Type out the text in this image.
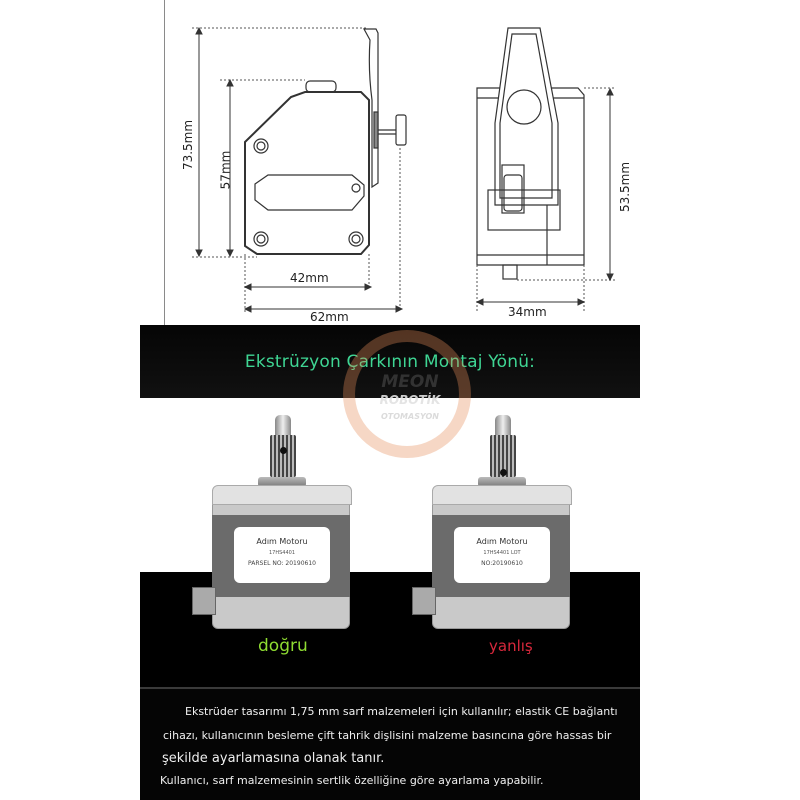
73.5mm 57mm
42mm
62mm
53.5mm
34mm
Ekstrüzyon Çarkının Montaj Yönü:
MEON
ROBOTİK
OTOMASYON
Adım Motoru
17HS4401
PARSEL NO: 20190610
Adım Motoru
17HS4401 LOT
NO:20190610
doğru	yanlış
Ekstrüder tasarımı 1,75 mm sarf malzemeleri için kullanılır; elastik CE bağlantı
cihazı, kullanıcının besleme çift tahrik dişlisini malzeme basıncına göre hassas bir
şekilde ayarlamasına olanak tanır.
Kullanıcı, sarf malzemesinin sertlik özelliğine göre ayarlama yapabilir.
